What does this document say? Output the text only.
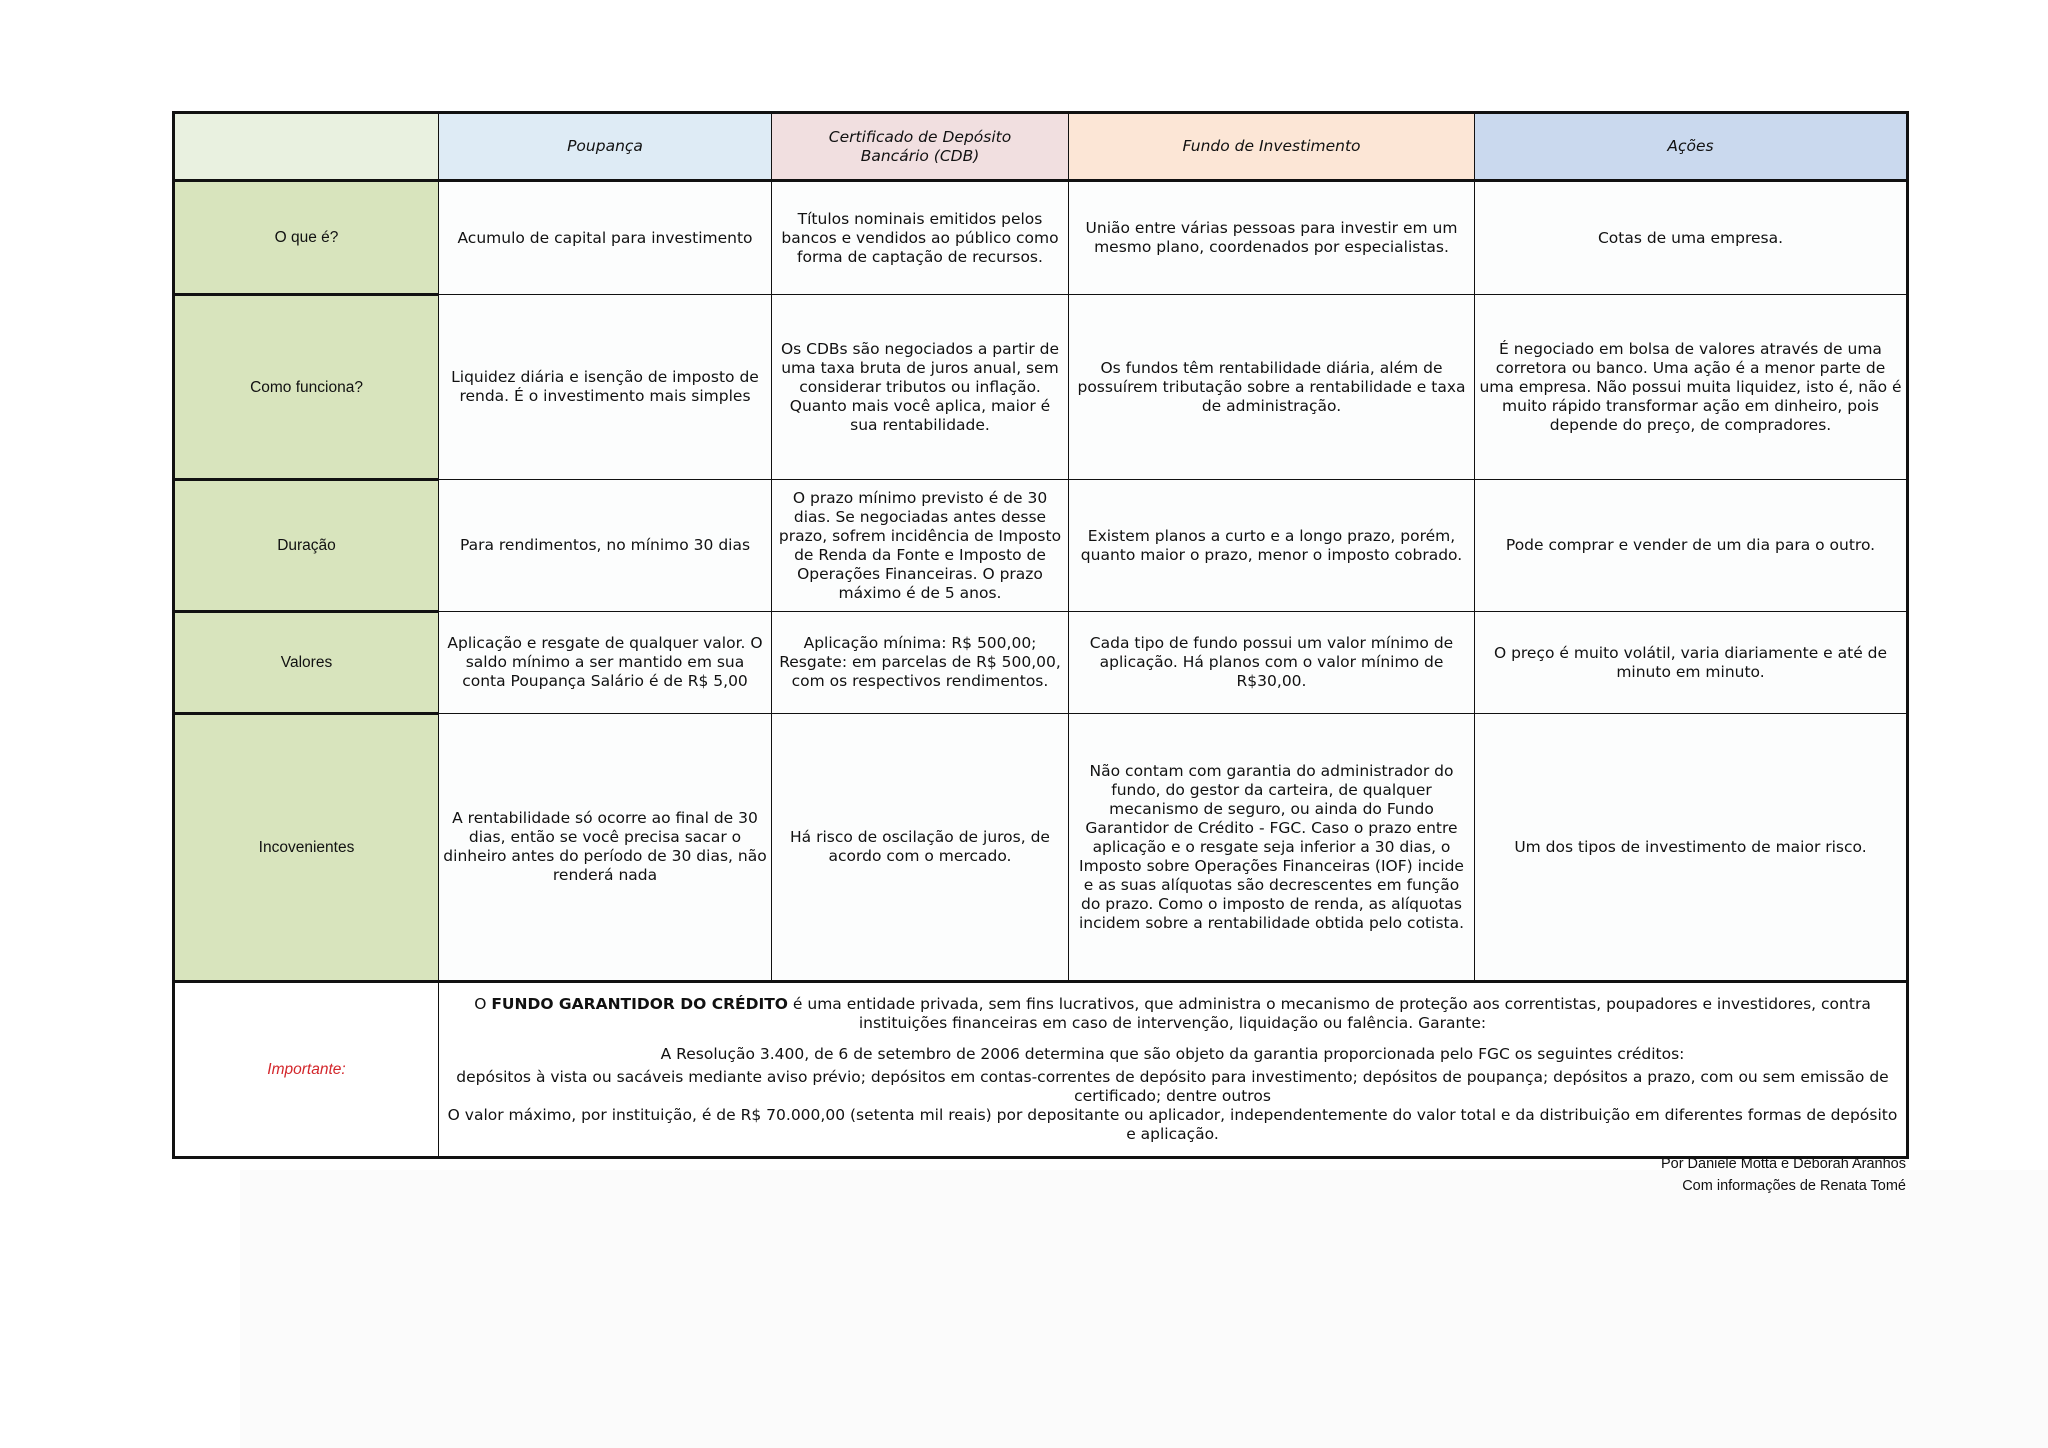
	Poupança	Certificado de Depósito
Bancário (CDB)	Fundo de Investimento	Ações
O que é?	Acumulo de capital para investimento	Títulos nominais emitidos pelos bancos e vendidos ao público como forma de captação de recursos.	União entre várias pessoas para investir em um mesmo plano, coordenados por especialistas.	Cotas de uma empresa.
Como funciona?	Liquidez diária e isenção de imposto de renda. É o investimento mais simples	Os CDBs são negociados a partir de uma taxa bruta de juros anual, sem considerar tributos ou inflação. Quanto mais você aplica, maior é sua rentabilidade.	Os fundos têm rentabilidade diária, além de possuírem tributação sobre a rentabilidade e taxa de administração.	É negociado em bolsa de valores através de uma corretora ou banco. Uma ação é a menor parte de uma empresa. Não possui muita liquidez, isto é, não é muito rápido transformar ação em dinheiro, pois depende do preço, de compradores.
Duração	Para rendimentos, no mínimo 30 dias	O prazo mínimo previsto é de 30 dias. Se negociadas antes desse prazo, sofrem incidência de Imposto de Renda da Fonte e Imposto de Operações Financeiras. O prazo máximo é de 5 anos.	Existem planos a curto e a longo prazo, porém, quanto maior o prazo, menor o imposto cobrado.	Pode comprar e vender de um dia para o outro.
Valores	Aplicação e resgate de qualquer valor. O saldo mínimo a ser mantido em sua conta Poupança Salário é de R$ 5,00	Aplicação mínima: R$ 500,00; Resgate: em parcelas de R$ 500,00, com os respectivos rendimentos.	Cada tipo de fundo possui um valor mínimo de aplicação. Há planos com o valor mínimo de R$30,00.	O preço é muito volátil, varia diariamente e até de minuto em minuto.
Incovenientes	A rentabilidade só ocorre ao final de 30 dias, então se você precisa sacar o dinheiro antes do período de 30 dias, não renderá nada	Há risco de oscilação de juros, de acordo com o mercado.	Não contam com garantia do administrador do fundo, do gestor da carteira, de qualquer mecanismo de seguro, ou ainda do Fundo Garantidor de Crédito - FGC. Caso o prazo entre aplicação e o resgate seja inferior a 30 dias, o Imposto sobre Operações Financeiras (IOF) incide e as suas alíquotas são decrescentes em função do prazo. Como o imposto de renda, as alíquotas incidem sobre a rentabilidade obtida pelo cotista.	Um dos tipos de investimento de maior risco.
Importante:	O FUNDO GARANTIDOR DO CRÉDITO é uma entidade privada, sem fins lucrativos, que administra o mecanismo de proteção aos correntistas, poupadores e investidores, contra instituições financeiras em caso de intervenção, liquidação ou falência. Garante:

A Resolução 3.400, de 6 de setembro de 2006 determina que são objeto da garantia proporcionada pelo FGC os seguintes créditos:

depósitos à vista ou sacáveis mediante aviso prévio; depósitos em contas-correntes de depósito para investimento; depósitos de poupança; depósitos a prazo, com ou sem emissão de certificado; dentre outros

O valor máximo, por instituição, é de R$ 70.000,00 (setenta mil reais) por depositante ou aplicador, independentemente do valor total e da distribuição em diferentes formas de depósito e aplicação.			

Por Daniele Motta e Déborah Aranhos
Com informações de Renata Tomé
